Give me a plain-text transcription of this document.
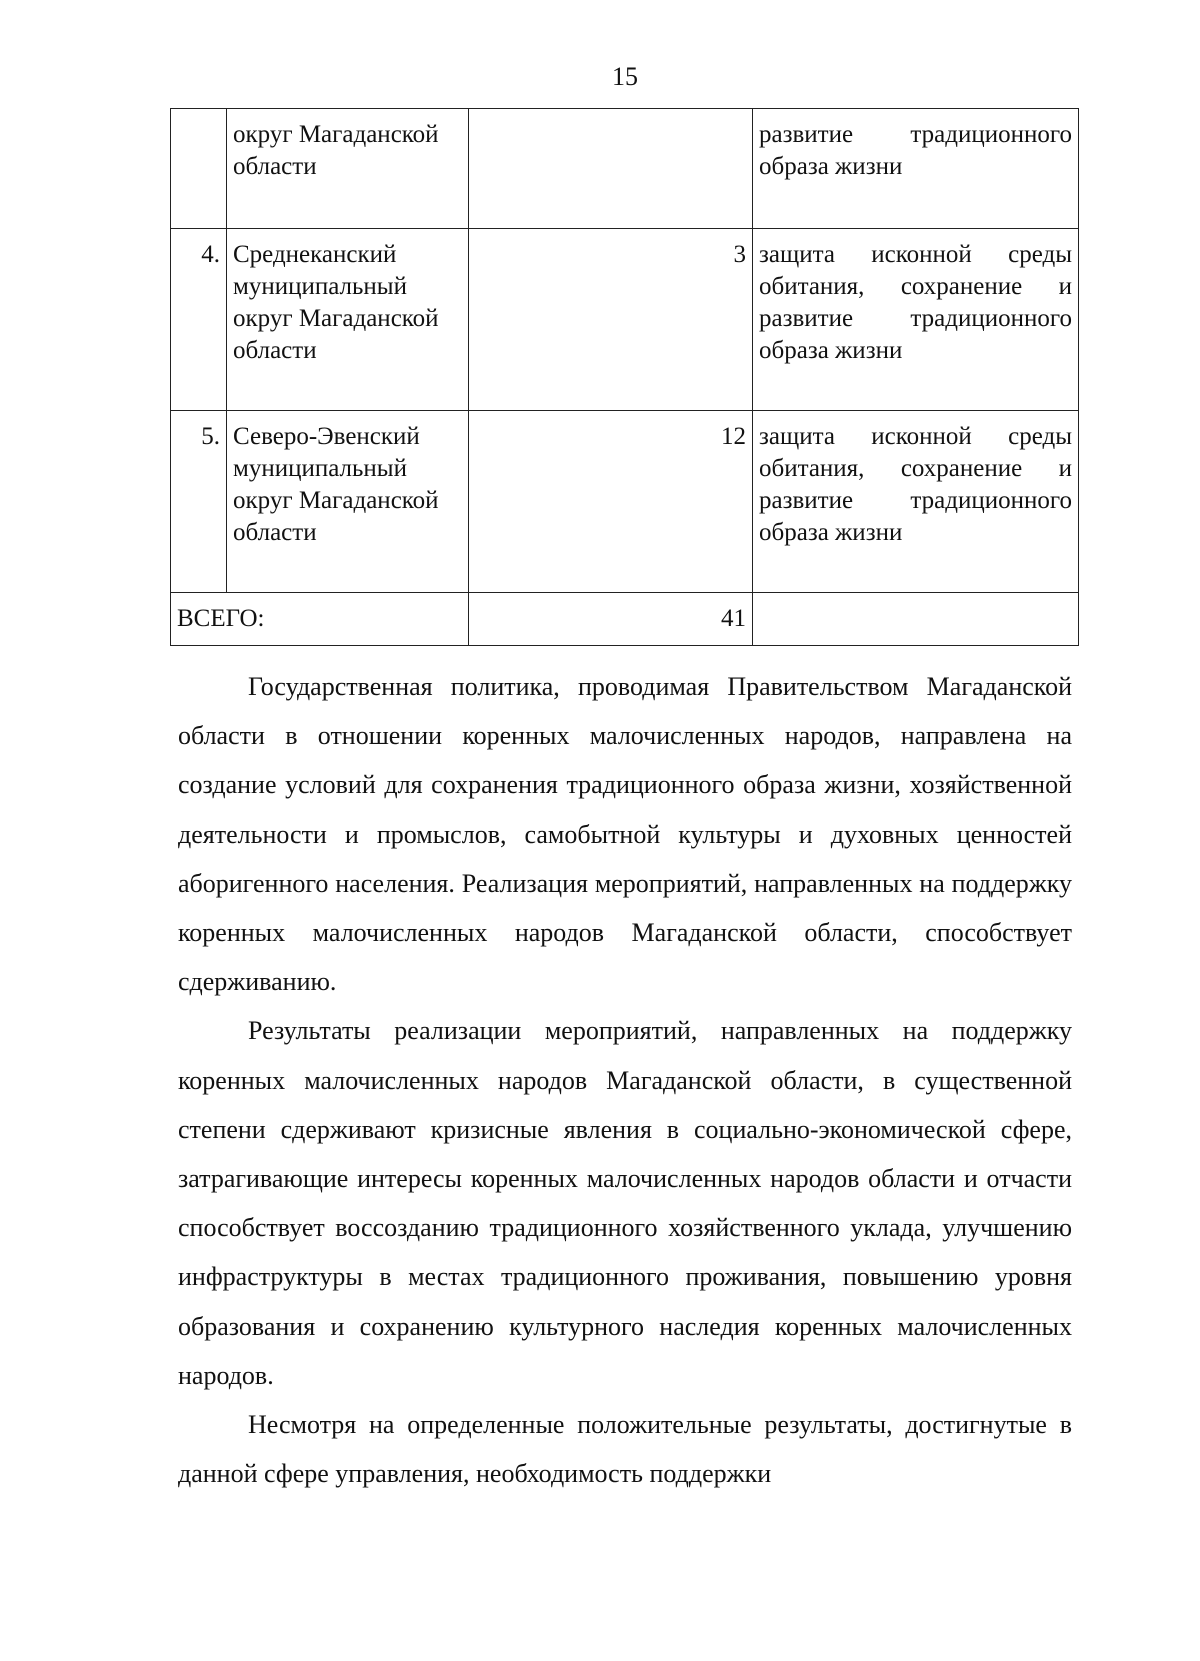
15
	округ Магаданской области		развитие традиционного образа жизни
4.	Среднеканский муниципальный округ Магаданской области	3	защита исконной среды обитания, сохранение и развитие традиционного образа жизни
5.	Северо-Эвенский муниципальный округ Магаданской области	12	защита исконной среды обитания, сохранение и развитие традиционного образа жизни
ВСЕГО:		41	

Государственная политика, проводимая Правительством Магаданской области в отношении коренных малочисленных народов, направлена на создание условий для сохранения традиционного образа жизни, хозяйственной деятельности и промыслов, самобытной культуры и духовных ценностей аборигенного населения. Реализация мероприятий, направленных на поддержку коренных малочисленных народов Магаданской области, способствует сдерживанию.

Результаты реализации мероприятий, направленных на поддержку коренных малочисленных народов Магаданской области, в существенной степени сдерживают кризисные явления в социально-экономической сфере, затрагивающие интересы коренных малочисленных народов области и отчасти способствует воссозданию традиционного хозяйственного уклада, улучшению инфраструктуры в местах традиционного проживания, повышению уровня образования и сохранению культурного наследия коренных малочисленных народов.

Несмотря на определенные положительные результаты, достигнутые в данной сфере управления, необходимость поддержки
